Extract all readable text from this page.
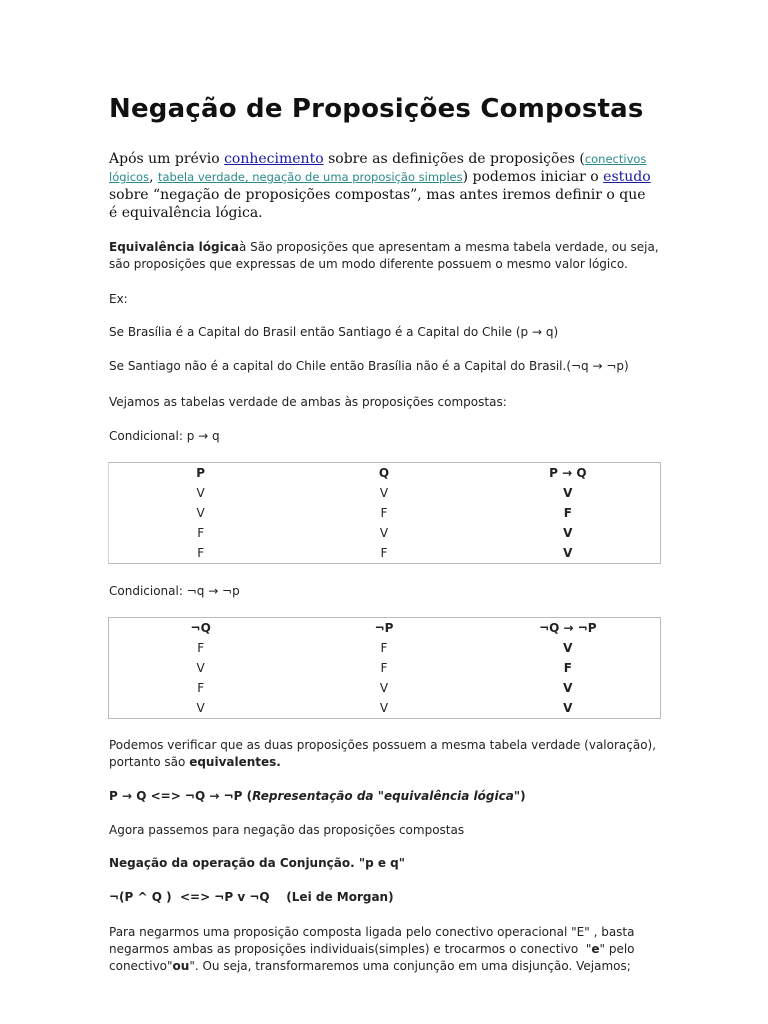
Negação de Proposições Compostas
Após um prévio conhecimento sobre as definições de proposições (conectivos lógicos, tabela verdade, negação de uma proposição simples) podemos iniciar o estudo sobre “negação de proposições compostas”, mas antes iremos definir o que é equivalência lógica.
Equivalência lógicaà São proposições que apresentam a mesma tabela verdade, ou seja,
são proposições que expressas de um modo diferente possuem o mesmo valor lógico.

Ex:

Se Brasília é a Capital do Brasil então Santiago é a Capital do Chile (p → q)

Se Santiago não é a capital do Chile então Brasília não é a Capital do Brasil.(¬q → ¬p)

Vejamos as tabelas verdade de ambas às proposições compostas:

Condicional: p → q

P	Q	P → Q
V	V	V
V	F	F
F	V	V
F	F	V

Condicional: ¬q → ¬p

¬Q	¬P	¬Q → ¬P
F	F	V
V	F	F
F	V	V
V	V	V
Podemos verificar que as duas proposições possuem a mesma tabela verdade (valoração),
portanto são equivalentes.
P → Q <=> ¬Q → ¬P (Representação da "equivalência lógica")

Agora passemos para negação das proposições compostas

Negação da operação da Conjunção. "p e q"

¬(P ^ Q )  <=> ¬P v ¬Q    (Lei de Morgan)

Para negarmos uma proposição composta ligada pelo conectivo operacional "E" , basta
negarmos ambas as proposições individuais(simples) e trocarmos o conectivo  "e" pelo
conectivo"ou". Ou seja, transformaremos uma conjunção em uma disjunção. Vejamos;
